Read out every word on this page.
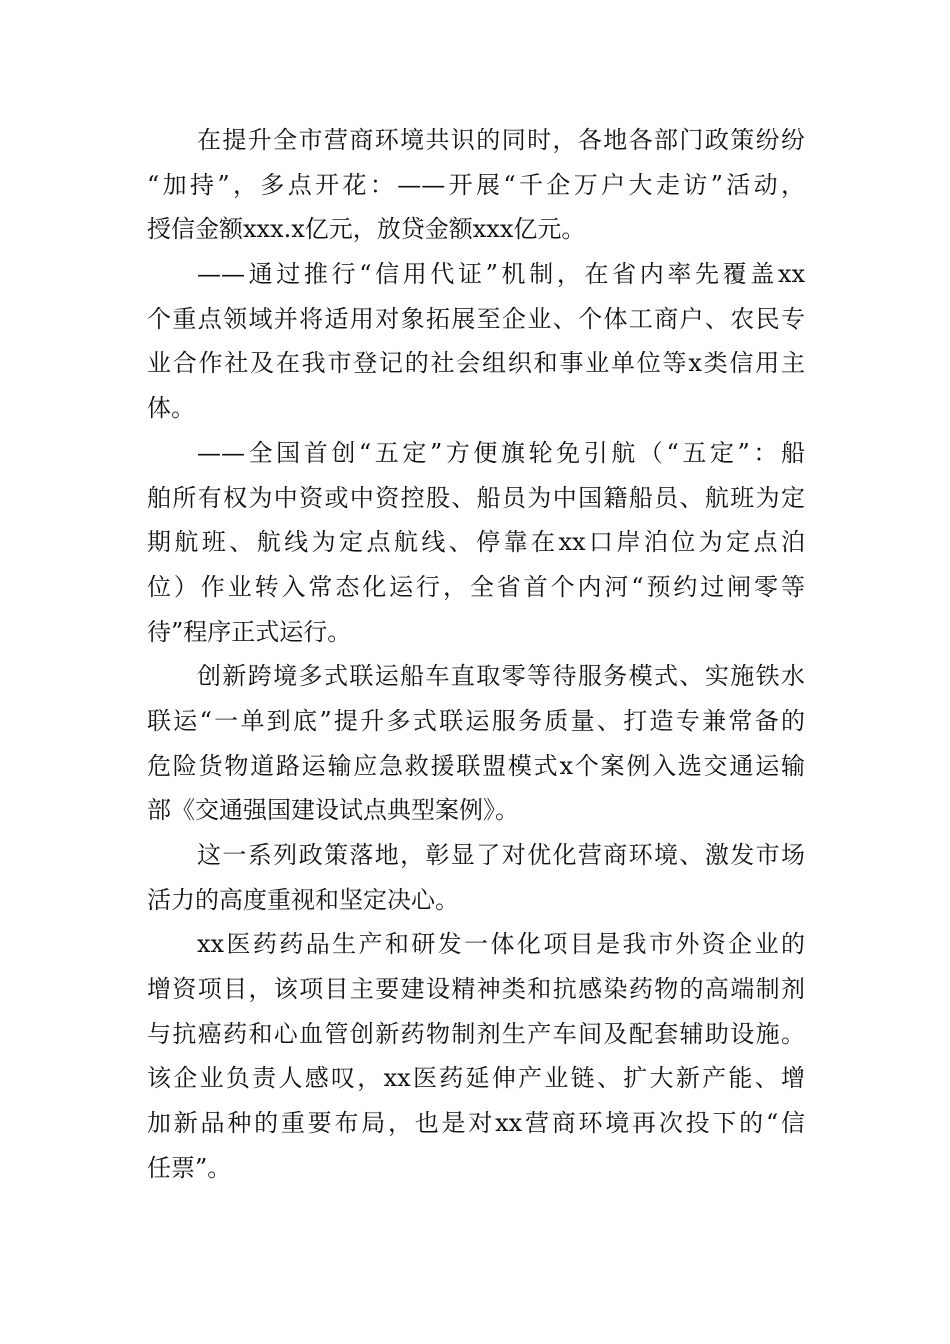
在提升全市营商环境共识的同时，各地各部门政策纷纷
“加持”，多点开花：——开展“千企万户大走访”活动，
授信金额xxx.x亿元，放贷金额xxx亿元。
——通过推行“信用代证”机制，在省内率先覆盖xx
个重点领域并将适用对象拓展至企业、个体工商户、农民专
业合作社及在我市登记的社会组织和事业单位等x类信用主
体。
——全国首创“五定”方便旗轮免引航（“五定”：船
舶所有权为中资或中资控股、船员为中国籍船员、航班为定
期航班、航线为定点航线、停靠在xx口岸泊位为定点泊
位）作业转入常态化运行，全省首个内河“预约过闸零等
待”程序正式运行。
创新跨境多式联运船车直取零等待服务模式、实施铁水
联运“一单到底”提升多式联运服务质量、打造专兼常备的
危险货物道路运输应急救援联盟模式x个案例入选交通运输
部《交通强国建设试点典型案例》。
这一系列政策落地，彰显了对优化营商环境、激发市场
活力的高度重视和坚定决心。
xx医药药品生产和研发一体化项目是我市外资企业的
增资项目，该项目主要建设精神类和抗感染药物的高端制剂
与抗癌药和心血管创新药物制剂生产车间及配套辅助设施。
该企业负责人感叹，xx医药延伸产业链、扩大新产能、增
加新品种的重要布局，也是对xx营商环境再次投下的“信
任票”。
